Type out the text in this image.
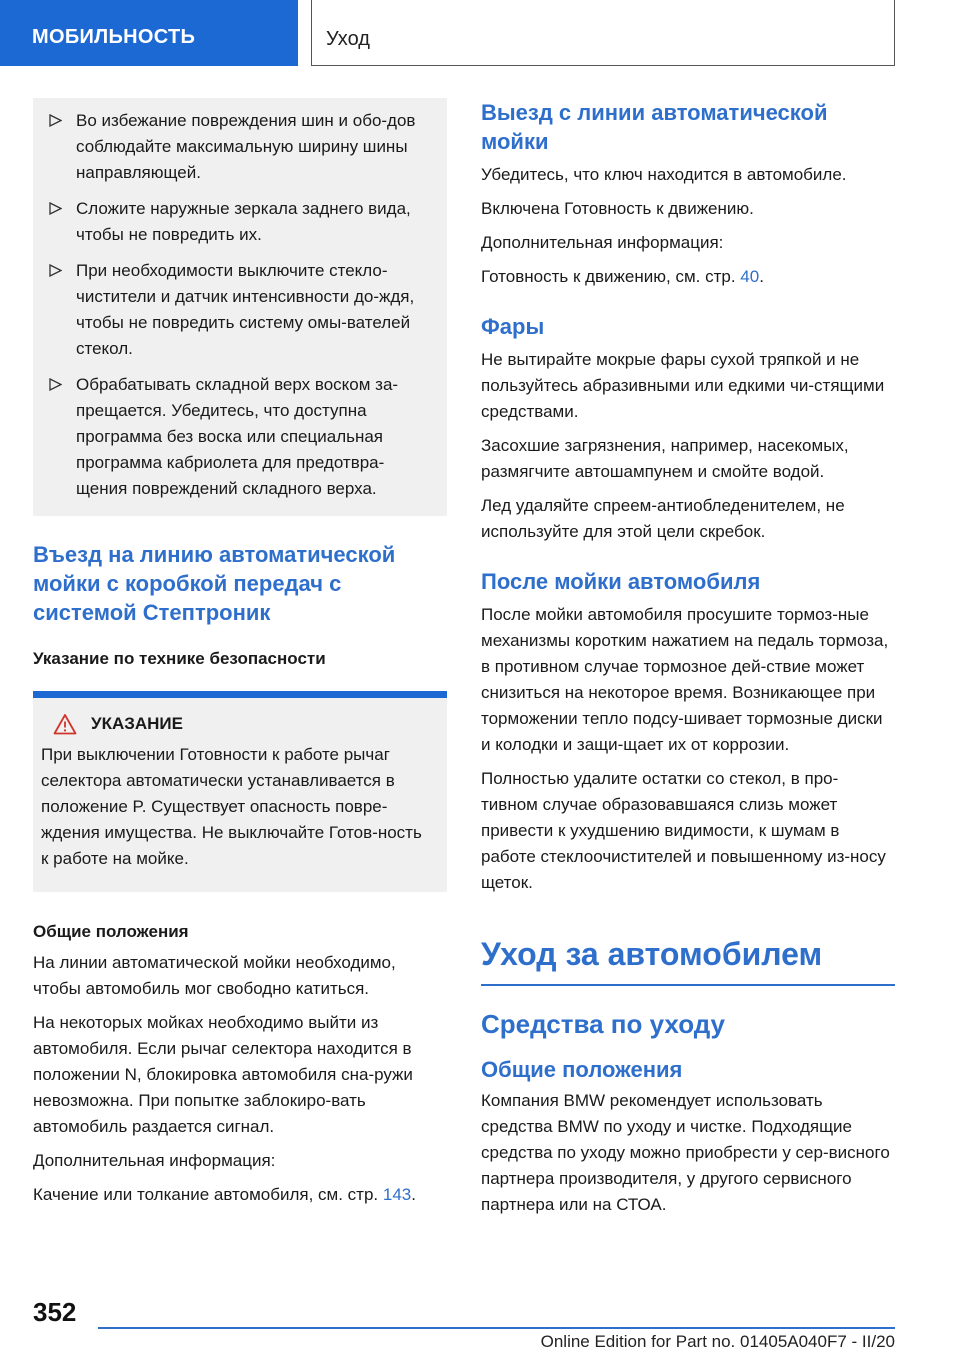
МОБИЛЬНОСТЬ	Уход
Во избежание повреждения шин и обо-дов соблюдайте максимальную ширину шины направляющей.
Сложите наружные зеркала заднего вида, чтобы не повредить их.
При необходимости выключите стекло-чистители и датчик интенсивности до-ждя, чтобы не повредить систему омы-вателей стекол.
Обрабатывать складной верх воском за-прещается. Убедитесь, что доступна программа без воска или специальная программа кабриолета для предотвра-щения повреждений складного верха.
Въезд на линию автоматической мойки с коробкой передач с системой Стептроник
Указание по технике безопасности
УКАЗАНИЕ

При выключении Готовности к работе рычаг селектора автоматически устанавливается в положение P. Существует опасность повре-ждения имущества. Не выключайте Готов-ность к работе на мойке.

Общие положения

На линии автоматической мойки необходимо, чтобы автомобиль мог свободно катиться.

На некоторых мойках необходимо выйти из автомобиля. Если рычаг селектора находится в положении N, блокировка автомобиля сна-ружи невозможна. При попытке заблокиро-вать автомобиль раздается сигнал.

Дополнительная информация:

Качение или толкание автомобиля, см. стр. 143.

Выезд с линии автоматической мойки

Убедитесь, что ключ находится в автомобиле.

Включена Готовность к движению.

Дополнительная информация:

Готовность к движению, см. стр. 40.

Фары

Не вытирайте мокрые фары сухой тряпкой и не пользуйтесь абразивными или едкими чи-стящими средствами.

Засохшие загрязнения, например, насекомых, размягчите автошампунем и смойте водой.

Лед удаляйте спреем-антиобледенителем, не используйте для этой цели скребок.

После мойки автомобиля

После мойки автомобиля просушите тормоз-ные механизмы коротким нажатием на педаль тормоза, в противном случае тормозное дей-ствие может снизиться на некоторое время. Возникающее при торможении тепло подсу-шивает тормозные диски и колодки и защи-щает их от коррозии.

Полностью удалите остатки со стекол, в про-тивном случае образовавшаяся слизь может привести к ухудшению видимости, к шумам в работе стеклоочистителей и повышенному из-носу щеток.

Уход за автомобилем
Средства по уходу
Общие положения

Компания BMW рекомендует использовать средства BMW по уходу и чистке. Подходящие средства по уходу можно приобрести у сер-висного партнера производителя, у другого сервисного партнера или на СТОА.

352
Online Edition for Part no. 01405A040F7 - II/20
